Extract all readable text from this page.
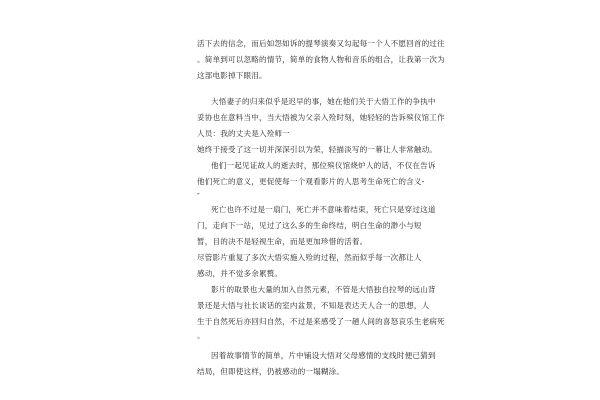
活下去的信念，而后如怨如诉的提琴演奏又勾起每一个人不愿回首的过往
。简单到可以忽略的情节，简单的食物人物和音乐的组合，让我第一次为
这部电影掉下眼泪。
大悟妻子的归来似乎是迟早的事，她在他们关于大悟工作的争执中
妥协也在意料当中，当大悟被为父亲入殓时刻，她轻轻的告诉殡仪馆工作
人员：我的丈夫是入殓师一
她终于接受了这一切并深深引以为荣，轻描淡写的一幕让人非常触动。
他们一起见证故人的逝去时，那位殡仪馆烧炉人的话，不仅在告诉
他们死亡的意义，更促使每一个观看影片的人思考生命死亡的含义-
-
死亡也许不过是一扇门，死亡并不意味着结束，死亡只是穿过这道
门，走向下一站，见过了这么多的生命终结，明白生命的渺小与短
暂，目的决不是轻视生命，而是更加珍惜的活着。
尽管影片重复了多次大悟实施入殓的过程，然而似乎每一次都让人
感动，并不觉多余累赘。
影片的取景也大量的加入自然元素，不管是大悟独自拉琴的远山背
景还是大悟与社长谈话的室内盆景，不知是表达天人合一的思想，人
生于自然死后亦回归自然，不过是来感受了一趟人间的喜怒哀乐生老病死
。
因着故事情节的简单，片中铺设大悟对父母感情的支线时便已猜到
结局，但即使这样，仍被感动的一塌糊涂。
